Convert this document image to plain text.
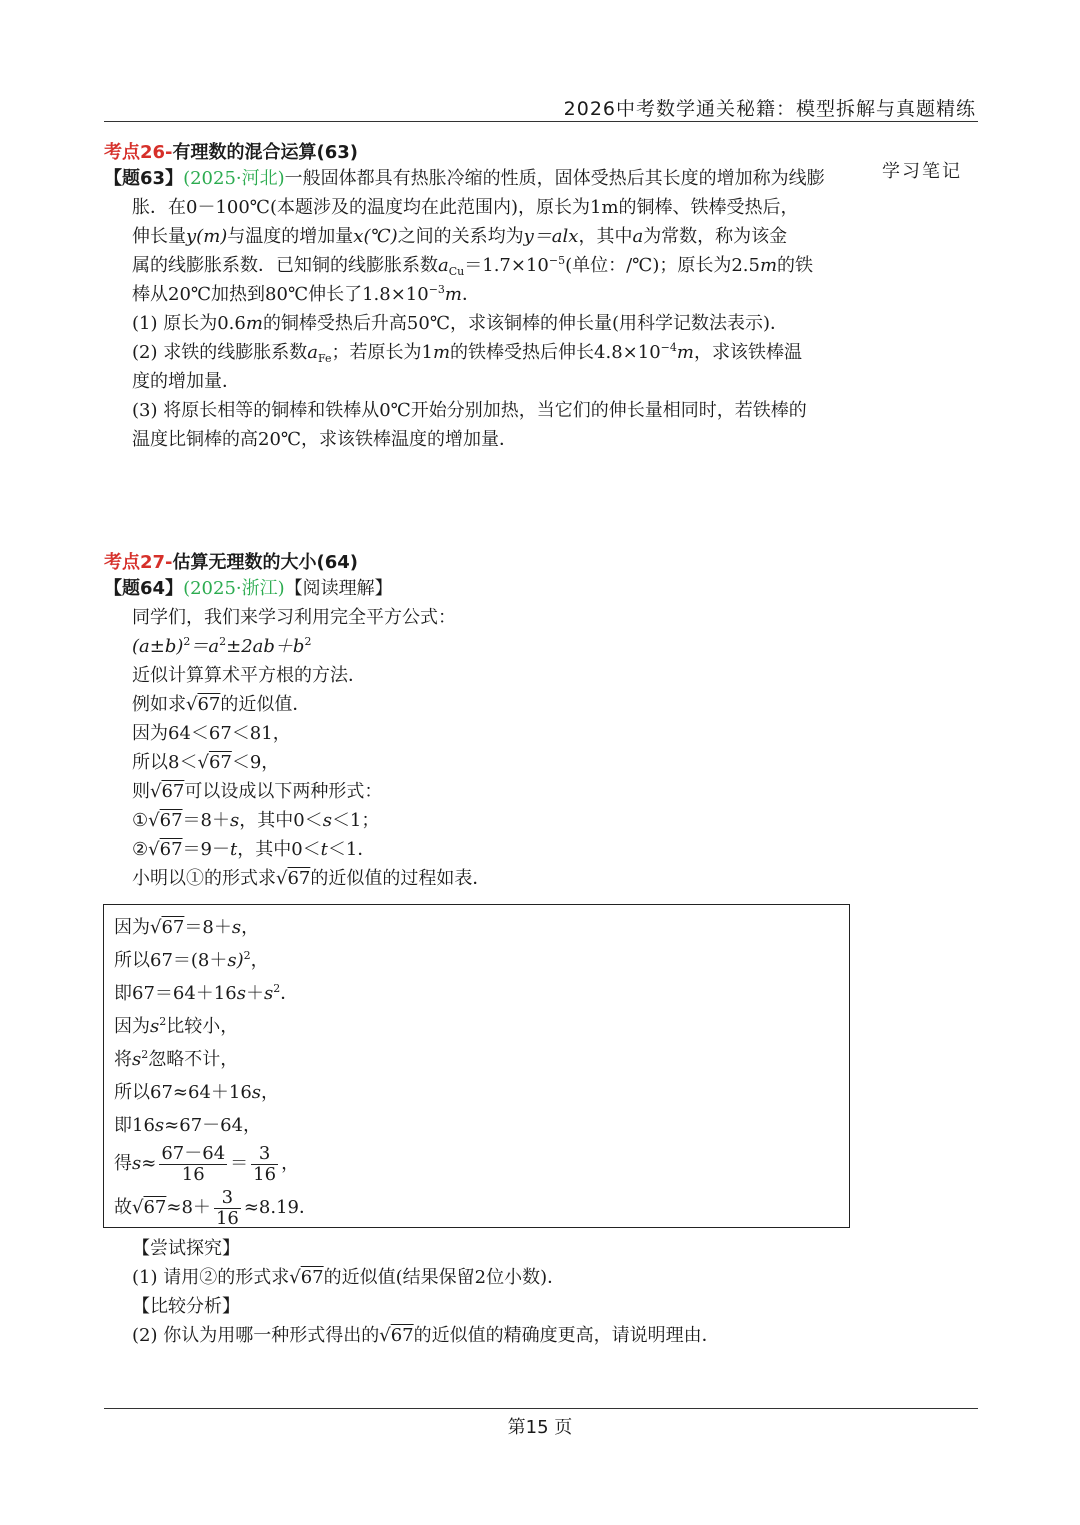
2026中考数学通关秘籍：模型拆解与真题精练
学习笔记
考点26-有理数的混合运算(63)
【题63】(2025·河北)一般固体都具有热胀冷缩的性质，固体受热后其长度的增加称为线膨
胀．在0－100℃(本题涉及的温度均在此范围内)，原长为1m的铜棒、铁棒受热后，
伸长量y(m)与温度的增加量x(℃)之间的关系均为y＝alx，其中a为常数，称为该金
属的线膨胀系数．已知铜的线膨胀系数$a_{Cu}=1.7\times 10^{-5}$(单位：/℃)；原长为2.5m的铁
棒从20℃加热到80℃伸长了$1.8\times 10^{-3}m$．
(1) 原长为0.6m的铜棒受热后升高50℃，求该铜棒的伸长量(用科学记数法表示)．
(2) 求铁的线膨胀系数$a_{Fe}$；若原长为1m的铁棒受热后伸长$4.8\times 10^{-4}m$，求该铁棒温
度的增加量．
(3) 将原长相等的铜棒和铁棒从0℃开始分别加热，当它们的伸长量相同时，若铁棒的
温度比铜棒的高20℃，求该铁棒温度的增加量．
考点27-估算无理数的大小(64)
【题64】(2025·浙江)【阅读理解】
同学们，我们来学习利用完全平方公式：
$(a\pm b)^2=a^2\pm 2ab+b^2$
近似计算算术平方根的方法．
例如求√67的近似值．
因为64＜67＜81，
所以8＜√67＜9，
则√67可以设成以下两种形式：
①√67＝8＋s，其中0＜s＜1；
②√67＝9－t，其中0＜t＜1．
小明以①的形式求√67的近似值的过程如表．
因为√67＝8＋s，
所以$67=(8+s)^2$，
即$67=64+16s+s^2$．
因为$s^2$比较小，
将$s^2$忽略不计，
所以67≈64＋16s，
即16s≈67－64，
得$s\approx \frac{67-64}{16} = \frac{3}{16}$ ，
故$√67\approx 8+ \frac{3}{16} \approx 8.19$．
【尝试探究】
(1) 请用②的形式求√67的近似值(结果保留2位小数)．
【比较分析】
(2) 你认为用哪一种形式得出的√67的近似值的精确度更高，请说明理由．
第15 页
